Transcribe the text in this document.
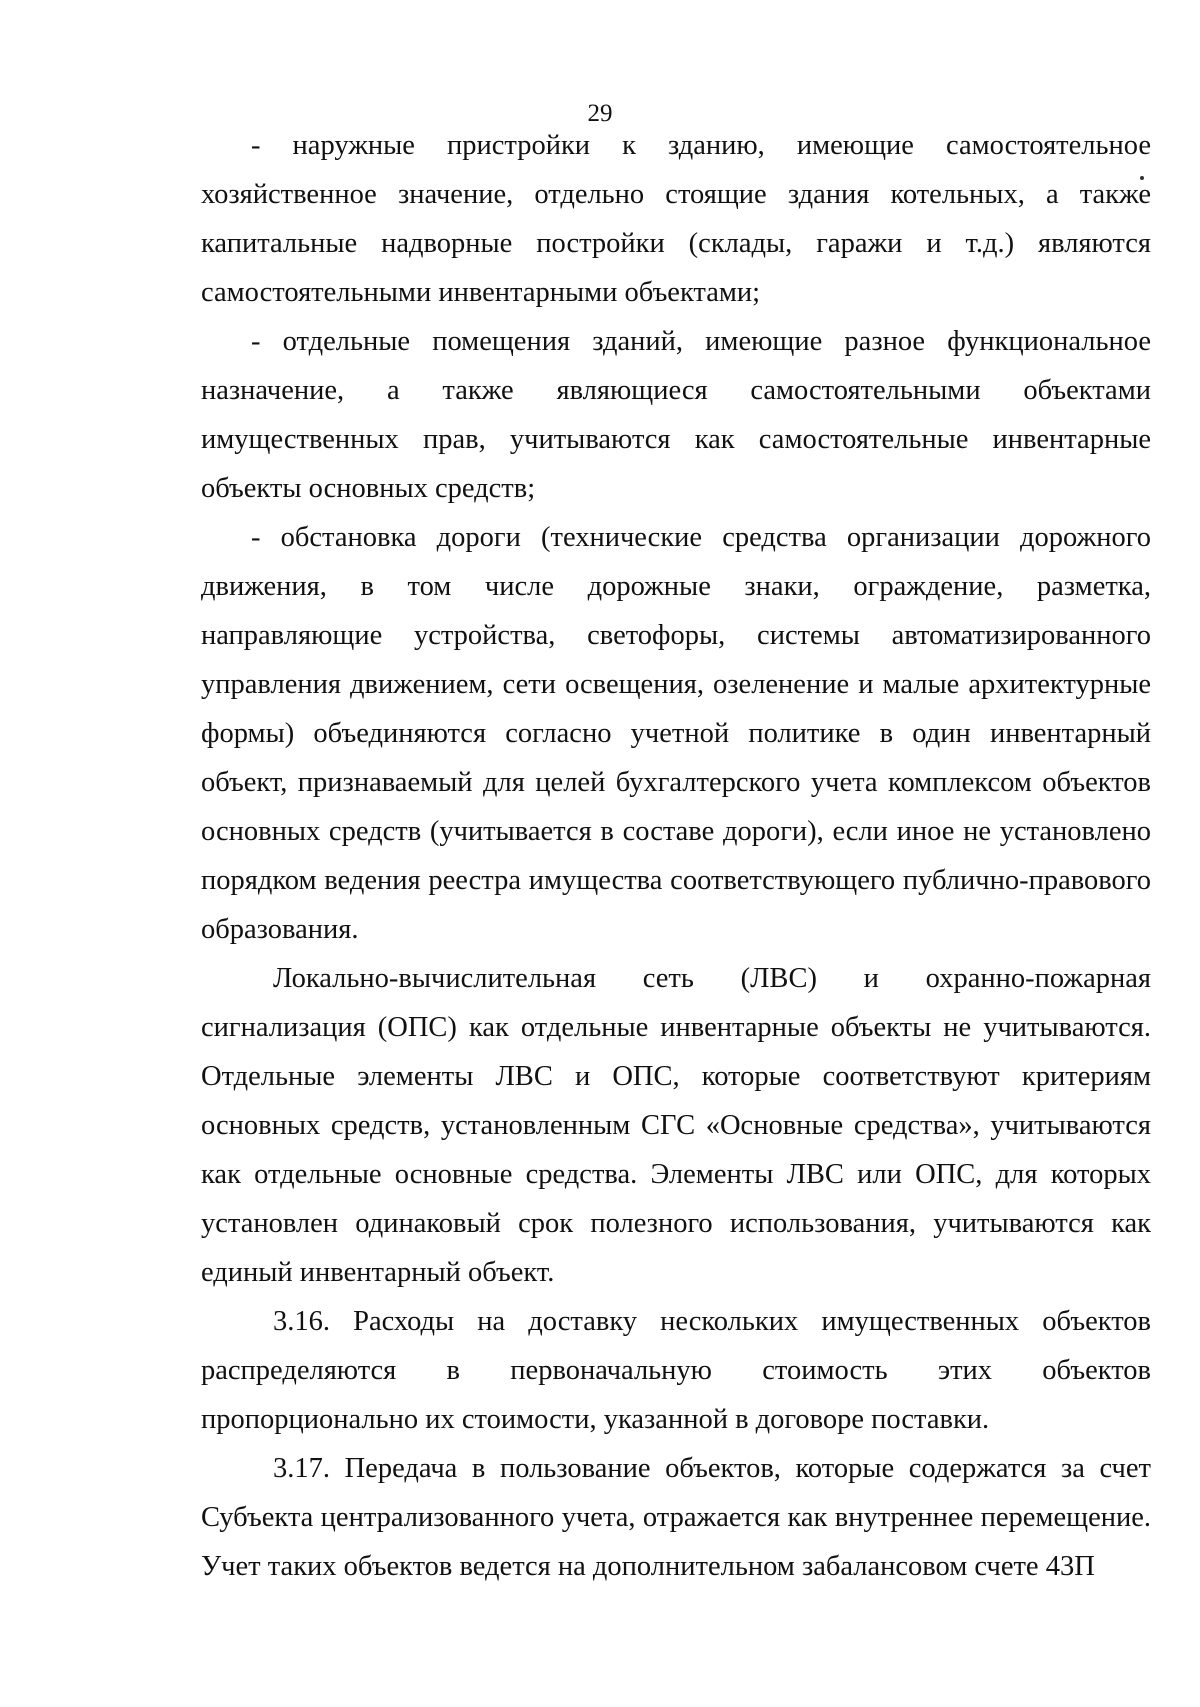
29

- наружные пристройки к зданию, имеющие самостоятельное хозяйственное значение, отдельно стоящие здания котельных, а также капитальные надворные постройки (склады, гаражи и т.д.) являются самостоятельными инвентарными объектами;

- отдельные помещения зданий, имеющие разное функциональное назначение, а также являющиеся самостоятельными объектами имущественных прав, учитываются как самостоятельные инвентарные объекты основных средств;

- обстановка дороги (технические средства организации дорожного движения, в том числе дорожные знаки, ограждение, разметка, направляющие устройства, светофоры, системы автоматизированного управления движением, сети освещения, озеленение и малые архитектурные формы) объединяются согласно учетной политике в один инвентарный объект, признаваемый для целей бухгалтерского учета комплексом объектов основных средств (учитывается в составе дороги), если иное не установлено порядком ведения реестра имущества соответствующего публично-правового образования.

Локально-вычислительная сеть (ЛВС) и охранно-пожарная сигнализация (ОПС) как отдельные инвентарные объекты не учитываются. Отдельные элементы ЛВС и ОПС, которые соответствуют критериям основных средств, установленным СГС «Основные средства», учитываются как отдельные основные средства. Элементы ЛВС или ОПС, для которых установлен одинаковый срок полезного использования, учитываются как единый инвентарный объект.

3.16. Расходы на доставку нескольких имущественных объектов распределяются в первоначальную стоимость этих объектов пропорционально их стоимости, указанной в договоре поставки.

3.17. Передача в пользование объектов, которые содержатся за счет Субъекта централизованного учета, отражается как внутреннее перемещение. Учет таких объектов ведется на дополнительном забалансовом счете 43П
